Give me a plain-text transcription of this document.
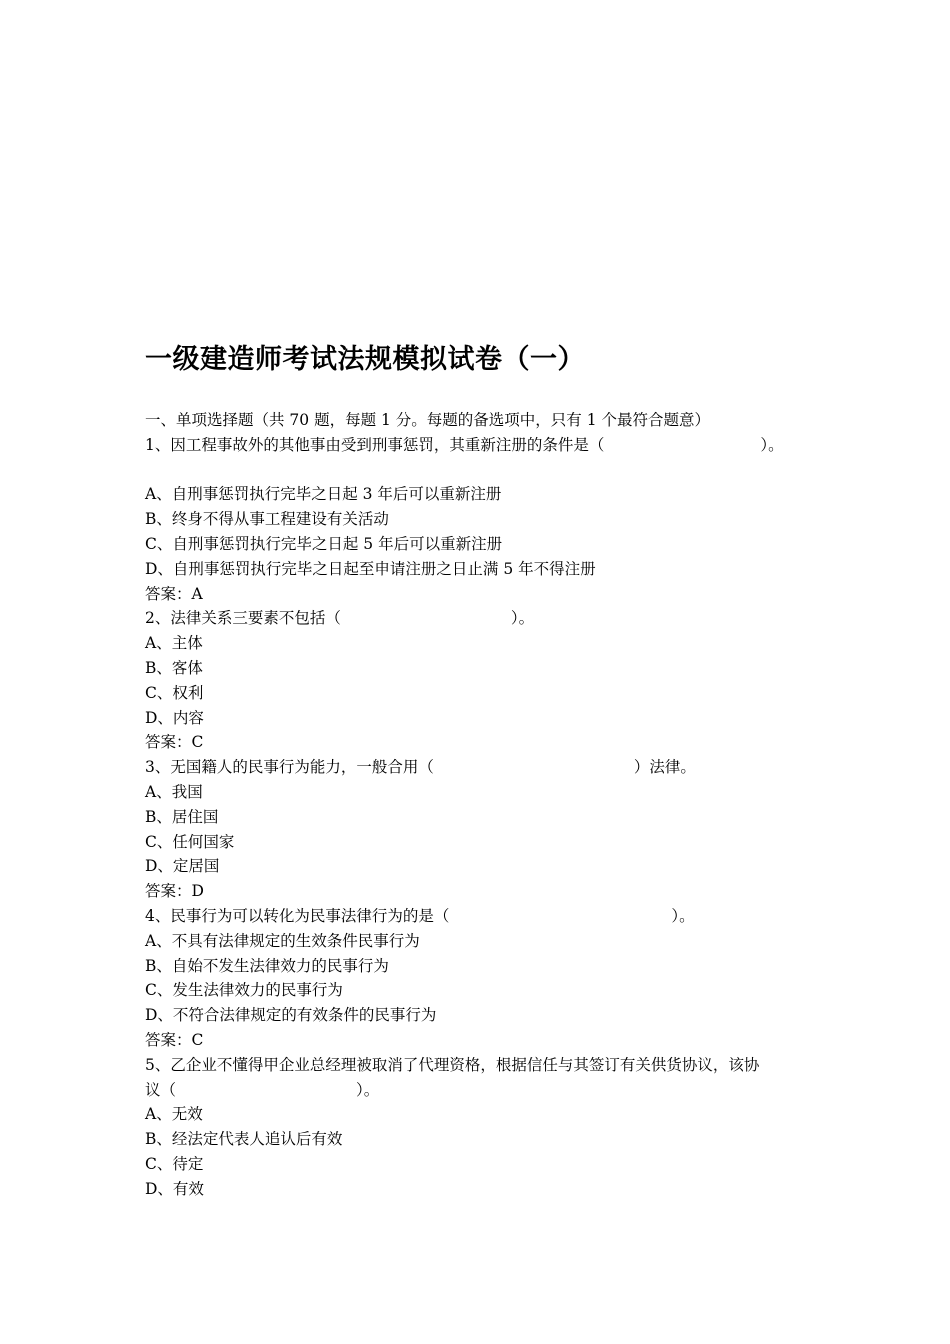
一级建造师考试法规模拟试卷（一）
一、单项选择题（共 70 题，每题 1 分。每题的备选项中，只有 1 个最符合题意）
1、因工程事故外的其他事由受到刑事惩罚，其重新注册的条件是（	）。
A、自刑事惩罚执行完毕之日起 3 年后可以重新注册
B、终身不得从事工程建设有关活动
C、自刑事惩罚执行完毕之日起 5 年后可以重新注册
D、自刑事惩罚执行完毕之日起至申请注册之日止满 5 年不得注册
答案：A
2、法律关系三要素不包括（	）。
A、主体
B、客体
C、权利
D、内容
答案：C
3、无国籍人的民事行为能力，一般合用（	）法律。
A、我国
B、居住国
C、任何国家
D、定居国
答案：D
4、民事行为可以转化为民事法律行为的是（	）。
A、不具有法律规定的生效条件民事行为
B、自始不发生法律效力的民事行为
C、发生法律效力的民事行为
D、不符合法律规定的有效条件的民事行为
答案：C
5、乙企业不懂得甲企业总经理被取消了代理资格，根据信任与其签订有关供货协议，该协
议（	）。
A、无效
B、经法定代表人追认后有效
C、待定
D、有效
